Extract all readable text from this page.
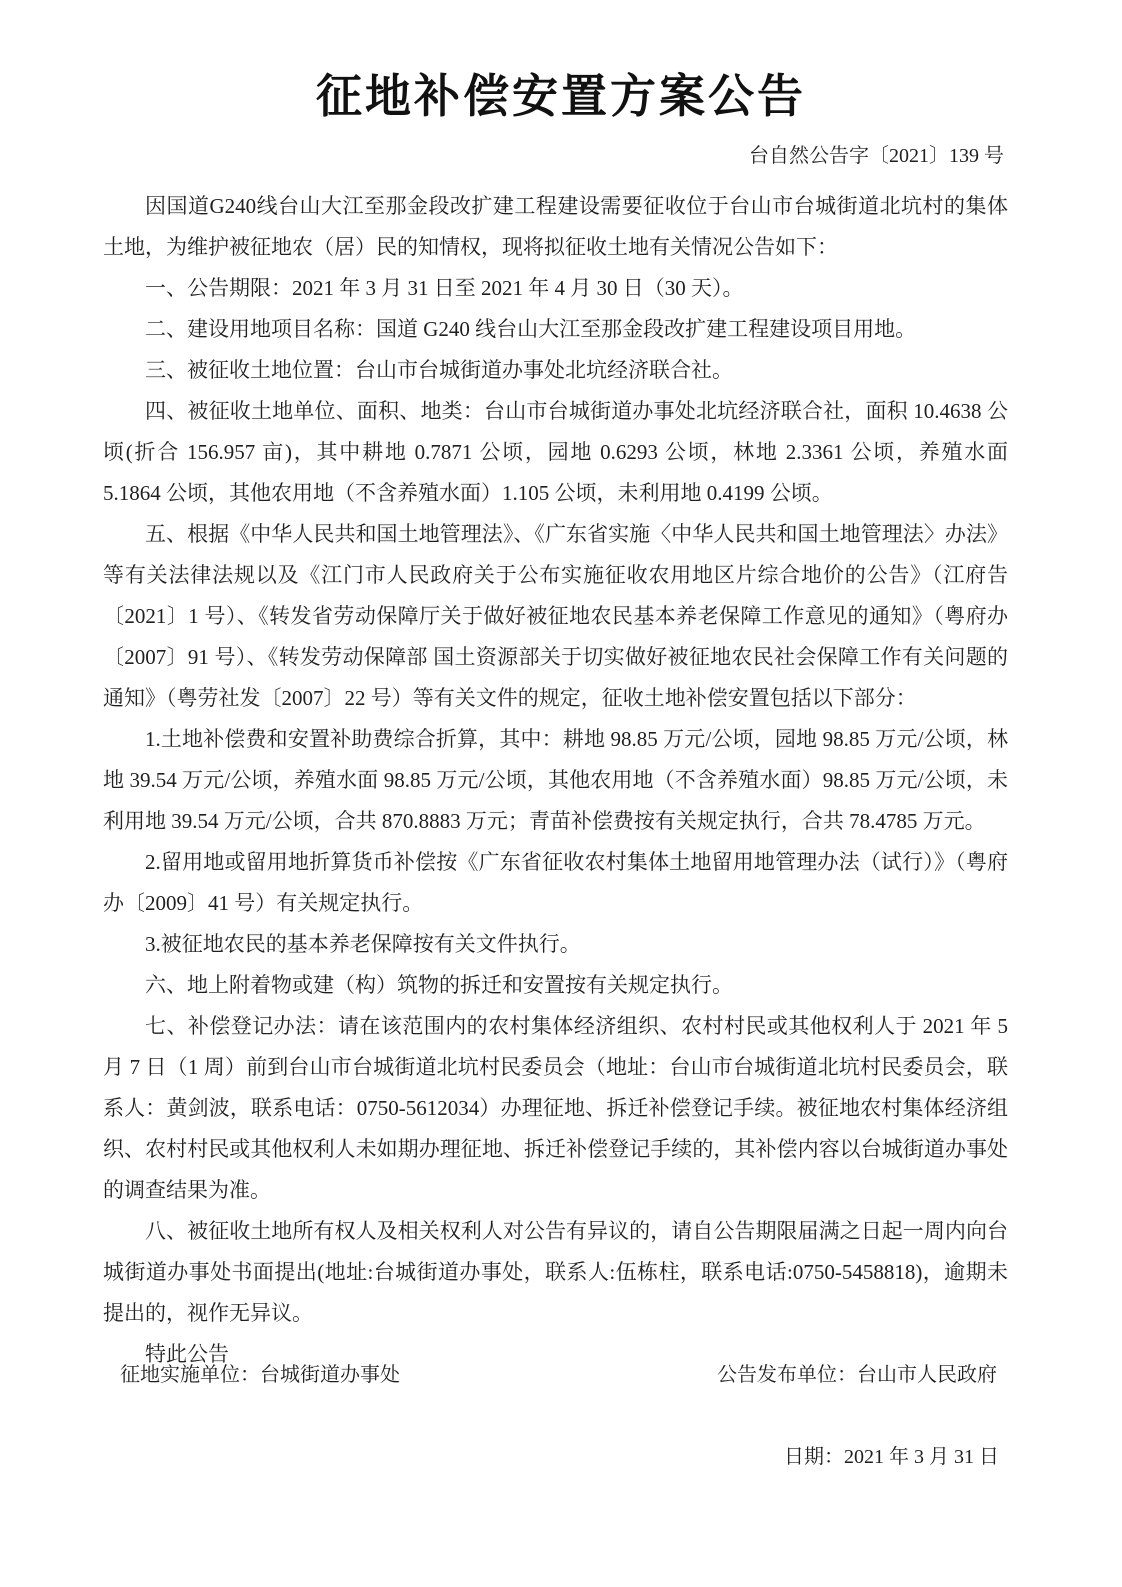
征地补偿安置方案公告
台自然公告字〔2021〕139 号

因国道G240线台山大江至那金段改扩建工程建设需要征收位于台山市台城街道北坑村的集体土地，为维护被征地农（居）民的知情权，现将拟征收土地有关情况公告如下：

一、公告期限：2021 年 3 月 31 日至 2021 年 4 月 30 日（30 天）。

二、建设用地项目名称：国道 G240 线台山大江至那金段改扩建工程建设项目用地。

三、被征收土地位置：台山市台城街道办事处北坑经济联合社。

四、被征收土地单位、面积、地类：台山市台城街道办事处北坑经济联合社，面积 10.4638 公顷(折合 156.957 亩)，其中耕地 0.7871 公顷，园地 0.6293 公顷，林地 2.3361 公顷，养殖水面 5.1864 公顷，其他农用地（不含养殖水面）1.105 公顷，未利用地 0.4199 公顷。

五、根据《中华人民共和国土地管理法》、《广东省实施〈中华人民共和国土地管理法〉办法》等有关法律法规以及《江门市人民政府关于公布实施征收农用地区片综合地价的公告》（江府告〔2021〕1 号）、《转发省劳动保障厅关于做好被征地农民基本养老保障工作意见的通知》（粤府办〔2007〕91 号）、《转发劳动保障部 国土资源部关于切实做好被征地农民社会保障工作有关问题的通知》（粤劳社发〔2007〕22 号）等有关文件的规定，征收土地补偿安置包括以下部分：

1.土地补偿费和安置补助费综合折算，其中：耕地 98.85 万元/公顷，园地 98.85 万元/公顷，林地 39.54 万元/公顷，养殖水面 98.85 万元/公顷，其他农用地（不含养殖水面）98.85 万元/公顷，未利用地 39.54 万元/公顷，合共 870.8883 万元；青苗补偿费按有关规定执行，合共 78.4785 万元。

2.留用地或留用地折算货币补偿按《广东省征收农村集体土地留用地管理办法（试行）》（粤府办〔2009〕41 号）有关规定执行。

3.被征地农民的基本养老保障按有关文件执行。

六、地上附着物或建（构）筑物的拆迁和安置按有关规定执行。

七、补偿登记办法：请在该范围内的农村集体经济组织、农村村民或其他权利人于 2021 年 5 月 7 日（1 周）前到台山市台城街道北坑村民委员会（地址：台山市台城街道北坑村民委员会，联系人：黄剑波，联系电话：0750-5612034）办理征地、拆迁补偿登记手续。被征地农村集体经济组织、农村村民或其他权利人未如期办理征地、拆迁补偿登记手续的，其补偿内容以台城街道办事处的调查结果为准。

八、被征收土地所有权人及相关权利人对公告有异议的，请自公告期限届满之日起一周内向台城街道办事处书面提出(地址:台城街道办事处，联系人:伍栋柱，联系电话:0750-5458818)，逾期未提出的，视作无异议。

特此公告

征地实施单位：台城街道办事处	公告发布单位：台山市人民政府
日期：2021 年 3 月 31 日
